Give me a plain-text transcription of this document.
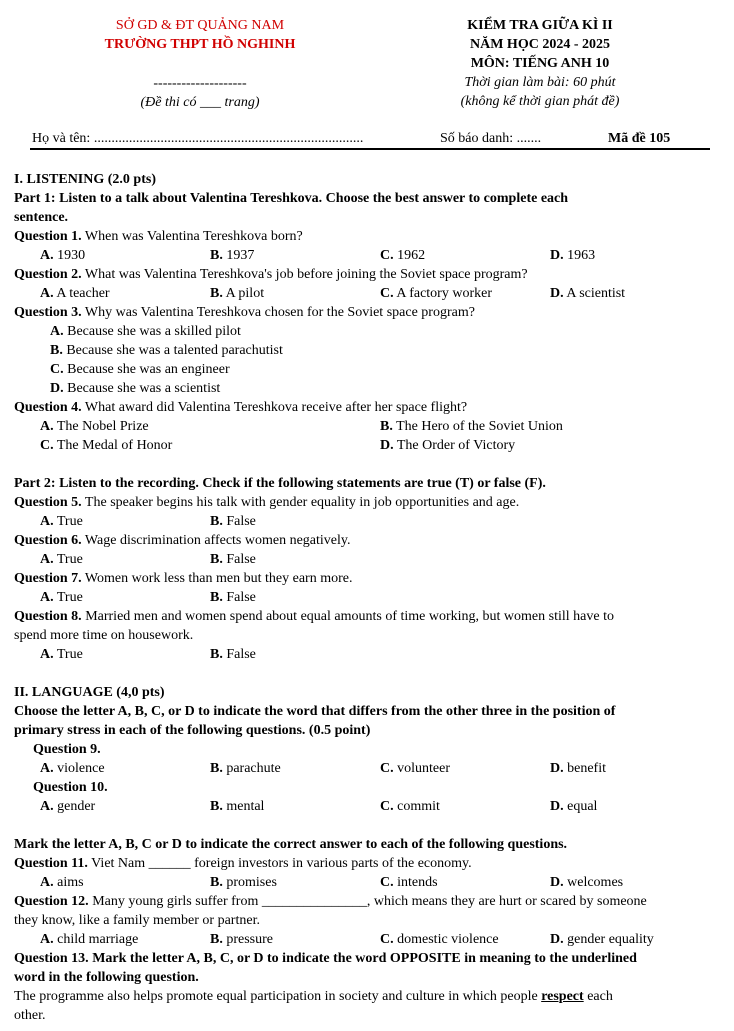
SỞ GD & ĐT QUẢNG NAM
TRƯỜNG THPT HỒ NGHINH
--------------------
(Đề thi có ___ trang)
KIỂM TRA GIỮA KÌ II
NĂM HỌC 2024 - 2025
MÔN: TIẾNG ANH 10
Thời gian làm bài: 60 phút
(không kể thời gian phát đề)
Họ và tên: .............................................................................	Số báo danh: .......	Mã đề 105
I. LISTENING (2.0 pts)
Part 1: Listen to a talk about Valentina Tereshkova. Choose the best answer to complete each
sentence.
Question 1. When was Valentina Tereshkova born?
A. 1930	B. 1937	C. 1962	D. 1963
Question 2. What was Valentina Tereshkova's job before joining the Soviet space program?
A. A teacher	B. A pilot	C. A factory worker	D. A scientist
Question 3. Why was Valentina Tereshkova chosen for the Soviet space program?
A. Because she was a skilled pilot
B. Because she was a talented parachutist
C. Because she was an engineer
D. Because she was a scientist
Question 4. What award did Valentina Tereshkova receive after her space flight?
A. The Nobel Prize	B. The Hero of the Soviet Union
C. The Medal of Honor	D. The Order of Victory
Part 2: Listen to the recording. Check if the following statements are true (T) or false (F).
Question 5. The speaker begins his talk with gender equality in job opportunities and age.
A. True	B. False
Question 6. Wage discrimination affects women negatively.
A. True	B. False
Question 7. Women work less than men but they earn more.
A. True	B. False
Question 8. Married men and women spend about equal amounts of time working, but women still have to
spend more time on housework.
A. True	B. False
II. LANGUAGE (4,0 pts)
Choose the letter A, B, C, or D to indicate the word that differs from the other three in the position of
primary stress in each of the following questions. (0.5 point)
Question 9.
A. violence	B. parachute	C. volunteer	D. benefit
Question 10.
A. gender	B. mental	C. commit	D. equal
Mark the letter A, B, C or D to indicate the correct answer to each of the following questions.
Question 11. Viet Nam ______ foreign investors in various parts of the economy.
A. aims	B. promises	C. intends	D. welcomes
Question 12. Many young girls suffer from _______________, which means they are hurt or scared by someone
they know, like a family member or partner.
A. child marriage	B. pressure	C. domestic violence	D. gender equality
Question 13. Mark the letter A, B, C, or D to indicate the word OPPOSITE in meaning to the underlined
word in the following question.
The programme also helps promote equal participation in society and culture in which people respect each
other.
